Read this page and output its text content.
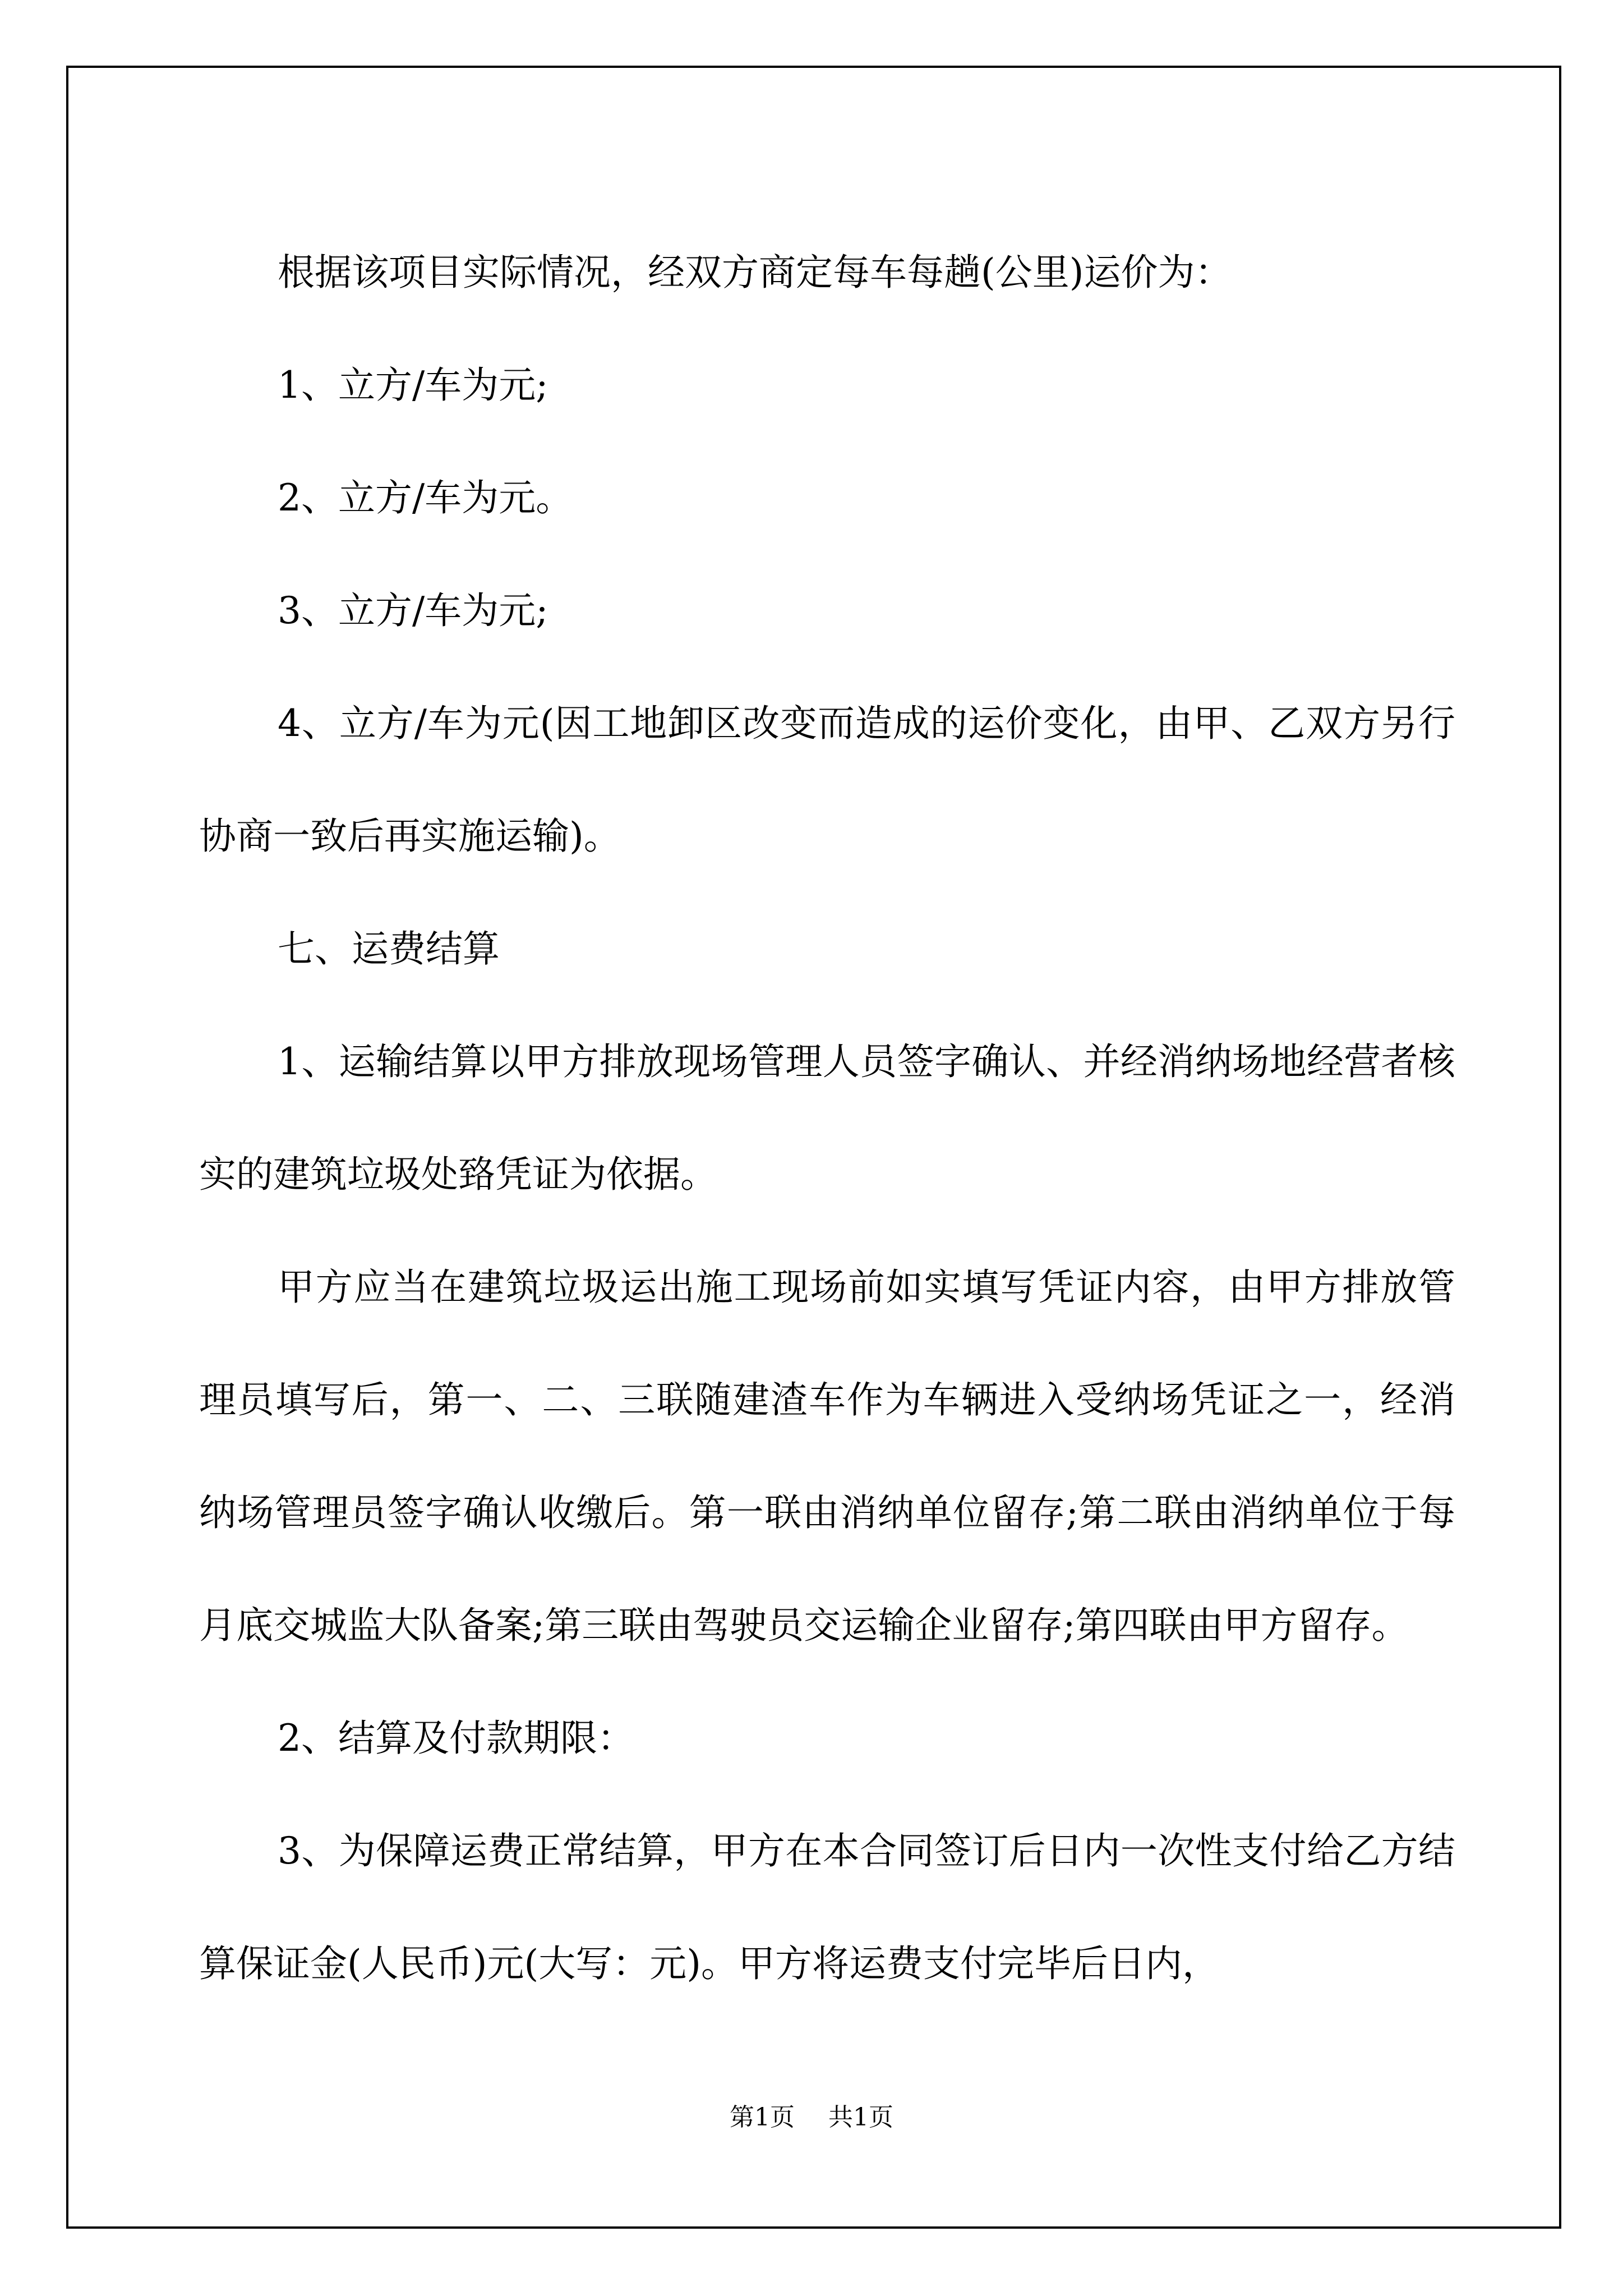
根据该项目实际情况，经双方商定每车每趟(公里)运价为：

1、立方/车为元;

2、立方/车为元。

3、立方/车为元;

4、立方/车为元(因工地卸区改变而造成的运价变化，由甲、乙双方另行协商一致后再实施运输)。

七、运费结算

1、运输结算以甲方排放现场管理人员签字确认、并经消纳场地经营者核实的建筑垃圾处臵凭证为依据。

甲方应当在建筑垃圾运出施工现场前如实填写凭证内容，由甲方排放管理员填写后，第一、二、三联随建渣车作为车辆进入受纳场凭证之一，经消纳场管理员签字确认收缴后。第一联由消纳单位留存;第二联由消纳单位于每月底交城监大队备案;第三联由驾驶员交运输企业留存;第四联由甲方留存。

2、结算及付款期限：

3、为保障运费正常结算，甲方在本合同签订后日内一次性支付给乙方结算保证金(人民币)元(大写：元)。甲方将运费支付完毕后日内，

第1页 共1页
